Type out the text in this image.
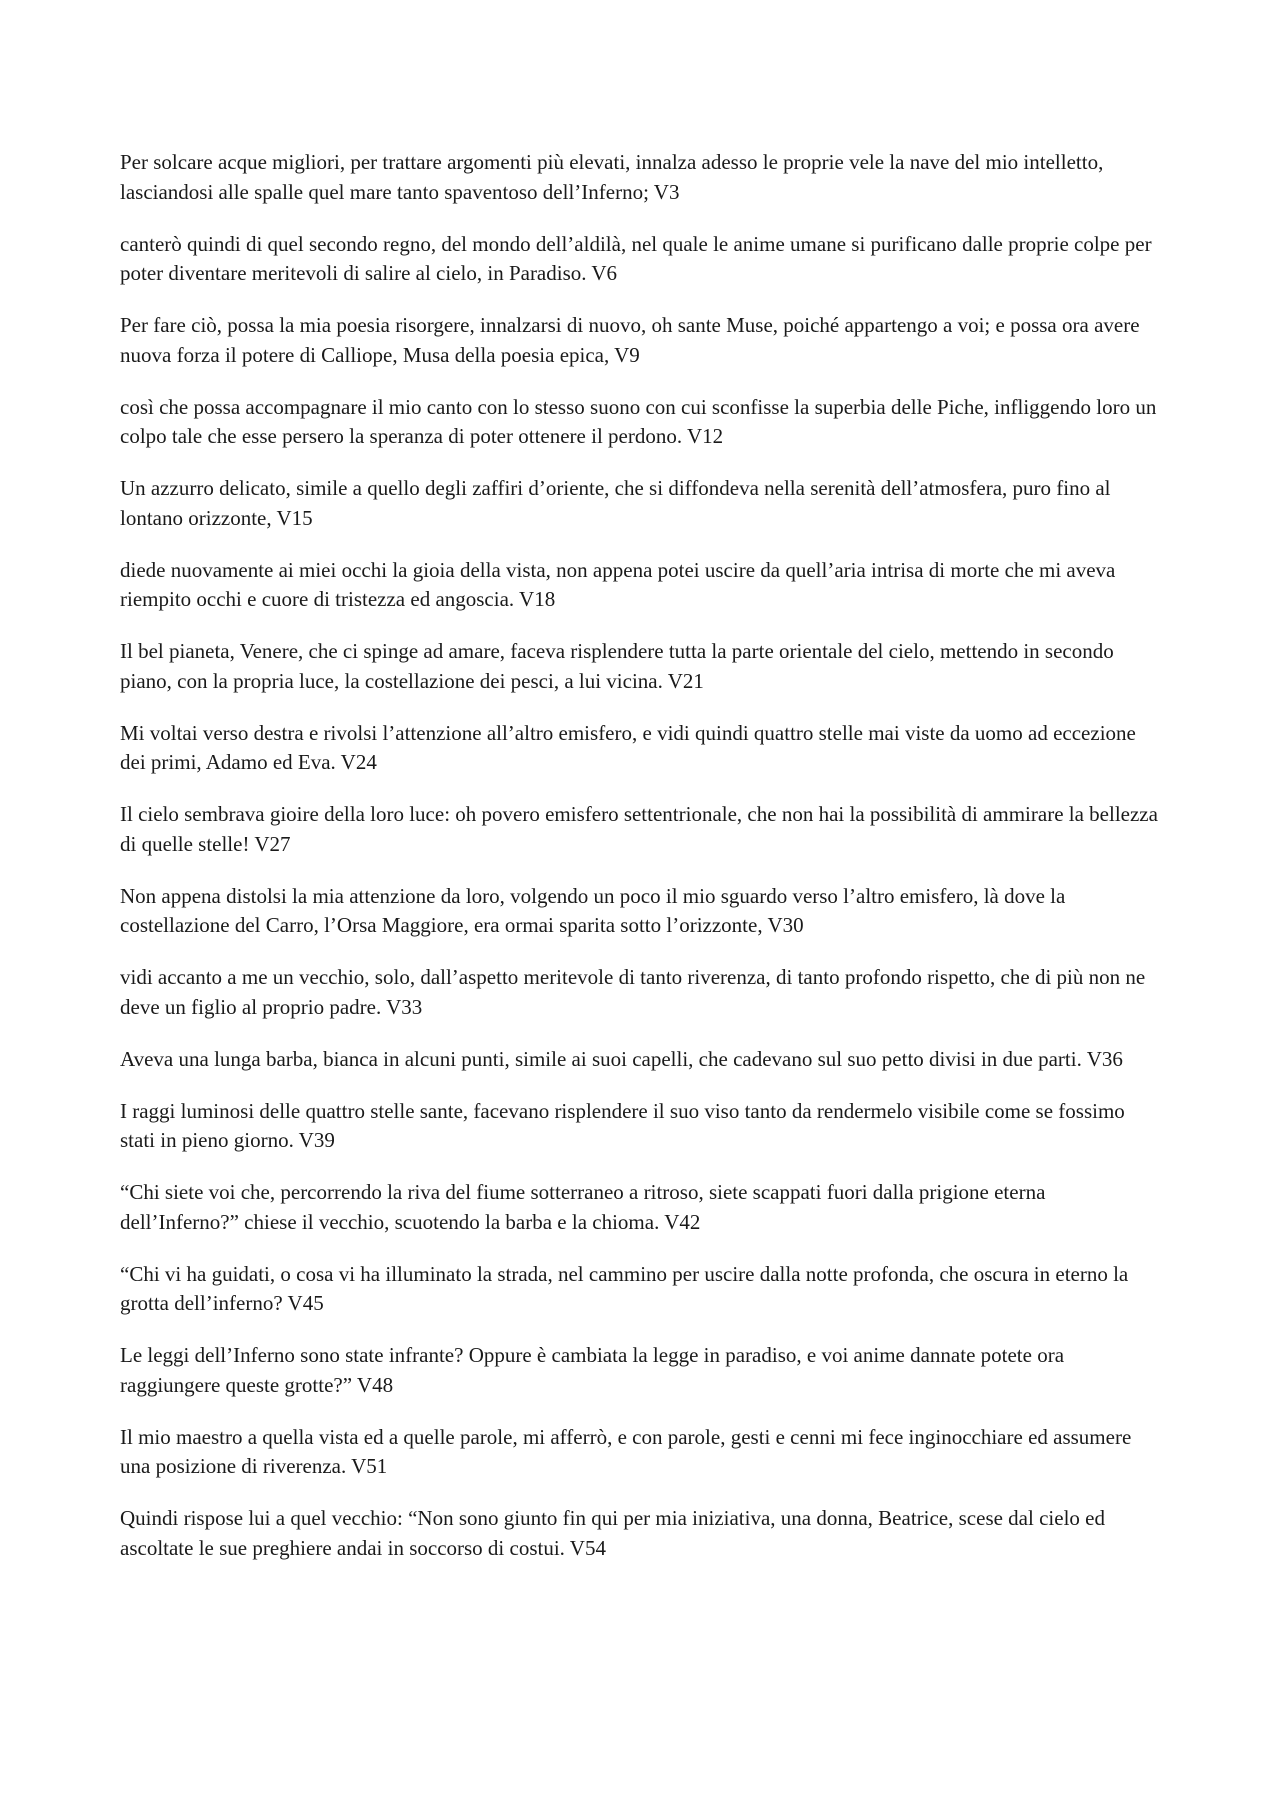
Per solcare acque migliori, per trattare argomenti più elevati, innalza adesso le proprie vele la nave del mio intelletto, lasciandosi alle spalle quel mare tanto spaventoso dell’Inferno; V3

canterò quindi di quel secondo regno, del mondo dell’aldilà, nel quale le anime umane si purificano dalle proprie colpe per poter diventare meritevoli di salire al cielo, in Paradiso. V6

Per fare ciò, possa la mia poesia risorgere, innalzarsi di nuovo, oh sante Muse, poiché appartengo a voi; e possa ora avere nuova forza il potere di Calliope, Musa della poesia epica, V9

così che possa accompagnare il mio canto con lo stesso suono con cui sconfisse la superbia delle Piche, infliggendo loro un colpo tale che esse persero la speranza di poter ottenere il perdono. V12

Un azzurro delicato, simile a quello degli zaffiri d’oriente, che si diffondeva nella serenità dell’atmosfera, puro fino al lontano orizzonte, V15

diede nuovamente ai miei occhi la gioia della vista, non appena potei uscire da quell’aria intrisa di morte che mi aveva riempito occhi e cuore di tristezza ed angoscia. V18

Il bel pianeta, Venere, che ci spinge ad amare, faceva risplendere tutta la parte orientale del cielo, mettendo in secondo piano, con la propria luce, la costellazione dei pesci, a lui vicina. V21

Mi voltai verso destra e rivolsi l’attenzione all’altro emisfero, e vidi quindi quattro stelle mai viste da uomo ad eccezione dei primi, Adamo ed Eva. V24

Il cielo sembrava gioire della loro luce: oh povero emisfero settentrionale, che non hai la possibilità di ammirare la bellezza di quelle stelle! V27

Non appena distolsi la mia attenzione da loro, volgendo un poco il mio sguardo verso l’altro emisfero, là dove la costellazione del Carro, l’Orsa Maggiore, era ormai sparita sotto l’orizzonte, V30

vidi accanto a me un vecchio, solo, dall’aspetto meritevole di tanto riverenza, di tanto profondo rispetto, che di più non ne deve un figlio al proprio padre. V33

Aveva una lunga barba, bianca in alcuni punti, simile ai suoi capelli, che cadevano sul suo petto divisi in due parti. V36

I raggi luminosi delle quattro stelle sante, facevano risplendere il suo viso tanto da rendermelo visibile come se fossimo stati in pieno giorno. V39

“Chi siete voi che, percorrendo la riva del fiume sotterraneo a ritroso, siete scappati fuori dalla prigione eterna dell’Inferno?” chiese il vecchio, scuotendo la barba e la chioma. V42

“Chi vi ha guidati, o cosa vi ha illuminato la strada, nel cammino per uscire dalla notte profonda, che oscura in eterno la grotta dell’inferno? V45

Le leggi dell’Inferno sono state infrante? Oppure è cambiata la legge in paradiso, e voi anime dannate potete ora raggiungere queste grotte?” V48

Il mio maestro a quella vista ed a quelle parole, mi afferrò, e con parole, gesti e cenni mi fece inginocchiare ed assumere una posizione di riverenza. V51

Quindi rispose lui a quel vecchio: “Non sono giunto fin qui per mia iniziativa, una donna, Beatrice, scese dal cielo ed ascoltate le sue preghiere andai in soccorso di costui. V54
